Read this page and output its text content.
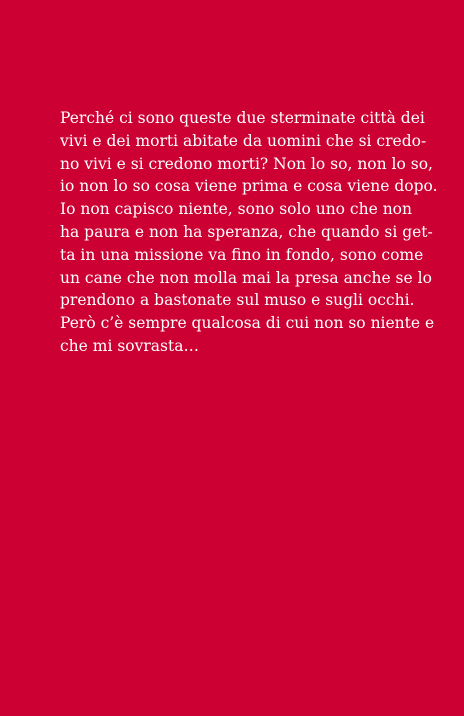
Perché ci sono queste due sterminate città dei
vivi e dei morti abitate da uomini che si credo-
no vivi e si credono morti? Non lo so, non lo so,
io non lo so cosa viene prima e cosa viene dopo.
Io non capisco niente, sono solo uno che non
ha paura e non ha speranza, che quando si get-
ta in una missione va fino in fondo, sono come
un cane che non molla mai la presa anche se lo
prendono a bastonate sul muso e sugli occhi.
Però c’è sempre qualcosa di cui non so niente e
che mi sovrasta…
